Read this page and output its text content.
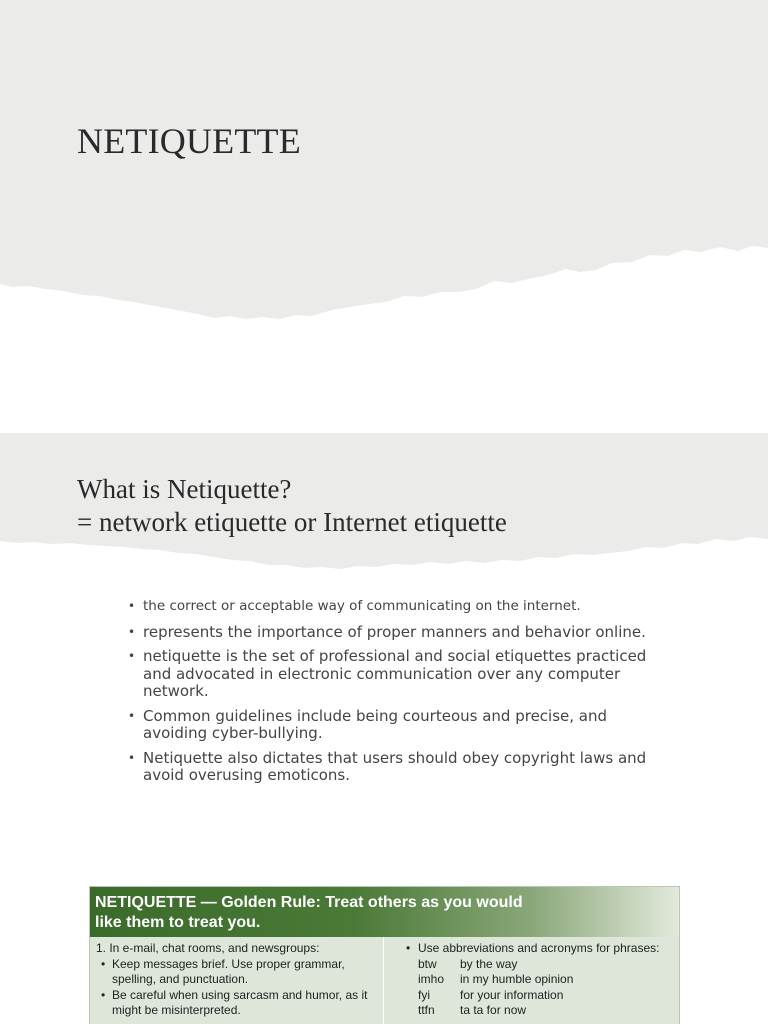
NETIQUETTE
What is Netiquette?
= network etiquette or Internet etiquette
• the correct or acceptable way of communicating on the internet.
• represents the importance of proper manners and behavior online.
• netiquette is the set of professional and social etiquettes practiced and advocated in electronic communication over any computer network.
• Common guidelines include being courteous and precise, and avoiding cyber-bullying.
• Netiquette also dictates that users should obey copyright laws and avoid overusing emoticons.
NETIQUETTE — Golden Rule: Treat others as you would
like them to treat you.
1. In e-mail, chat rooms, and newsgroups:
• Keep messages brief. Use proper grammar,
spelling, and punctuation.
• Be careful when using sarcasm and humor, as it
might be misinterpreted.
• Use abbreviations and acronyms for phrases:
btw	by the way
imho	in my humble opinion
fyi	for your information
ttfn	ta ta for now
